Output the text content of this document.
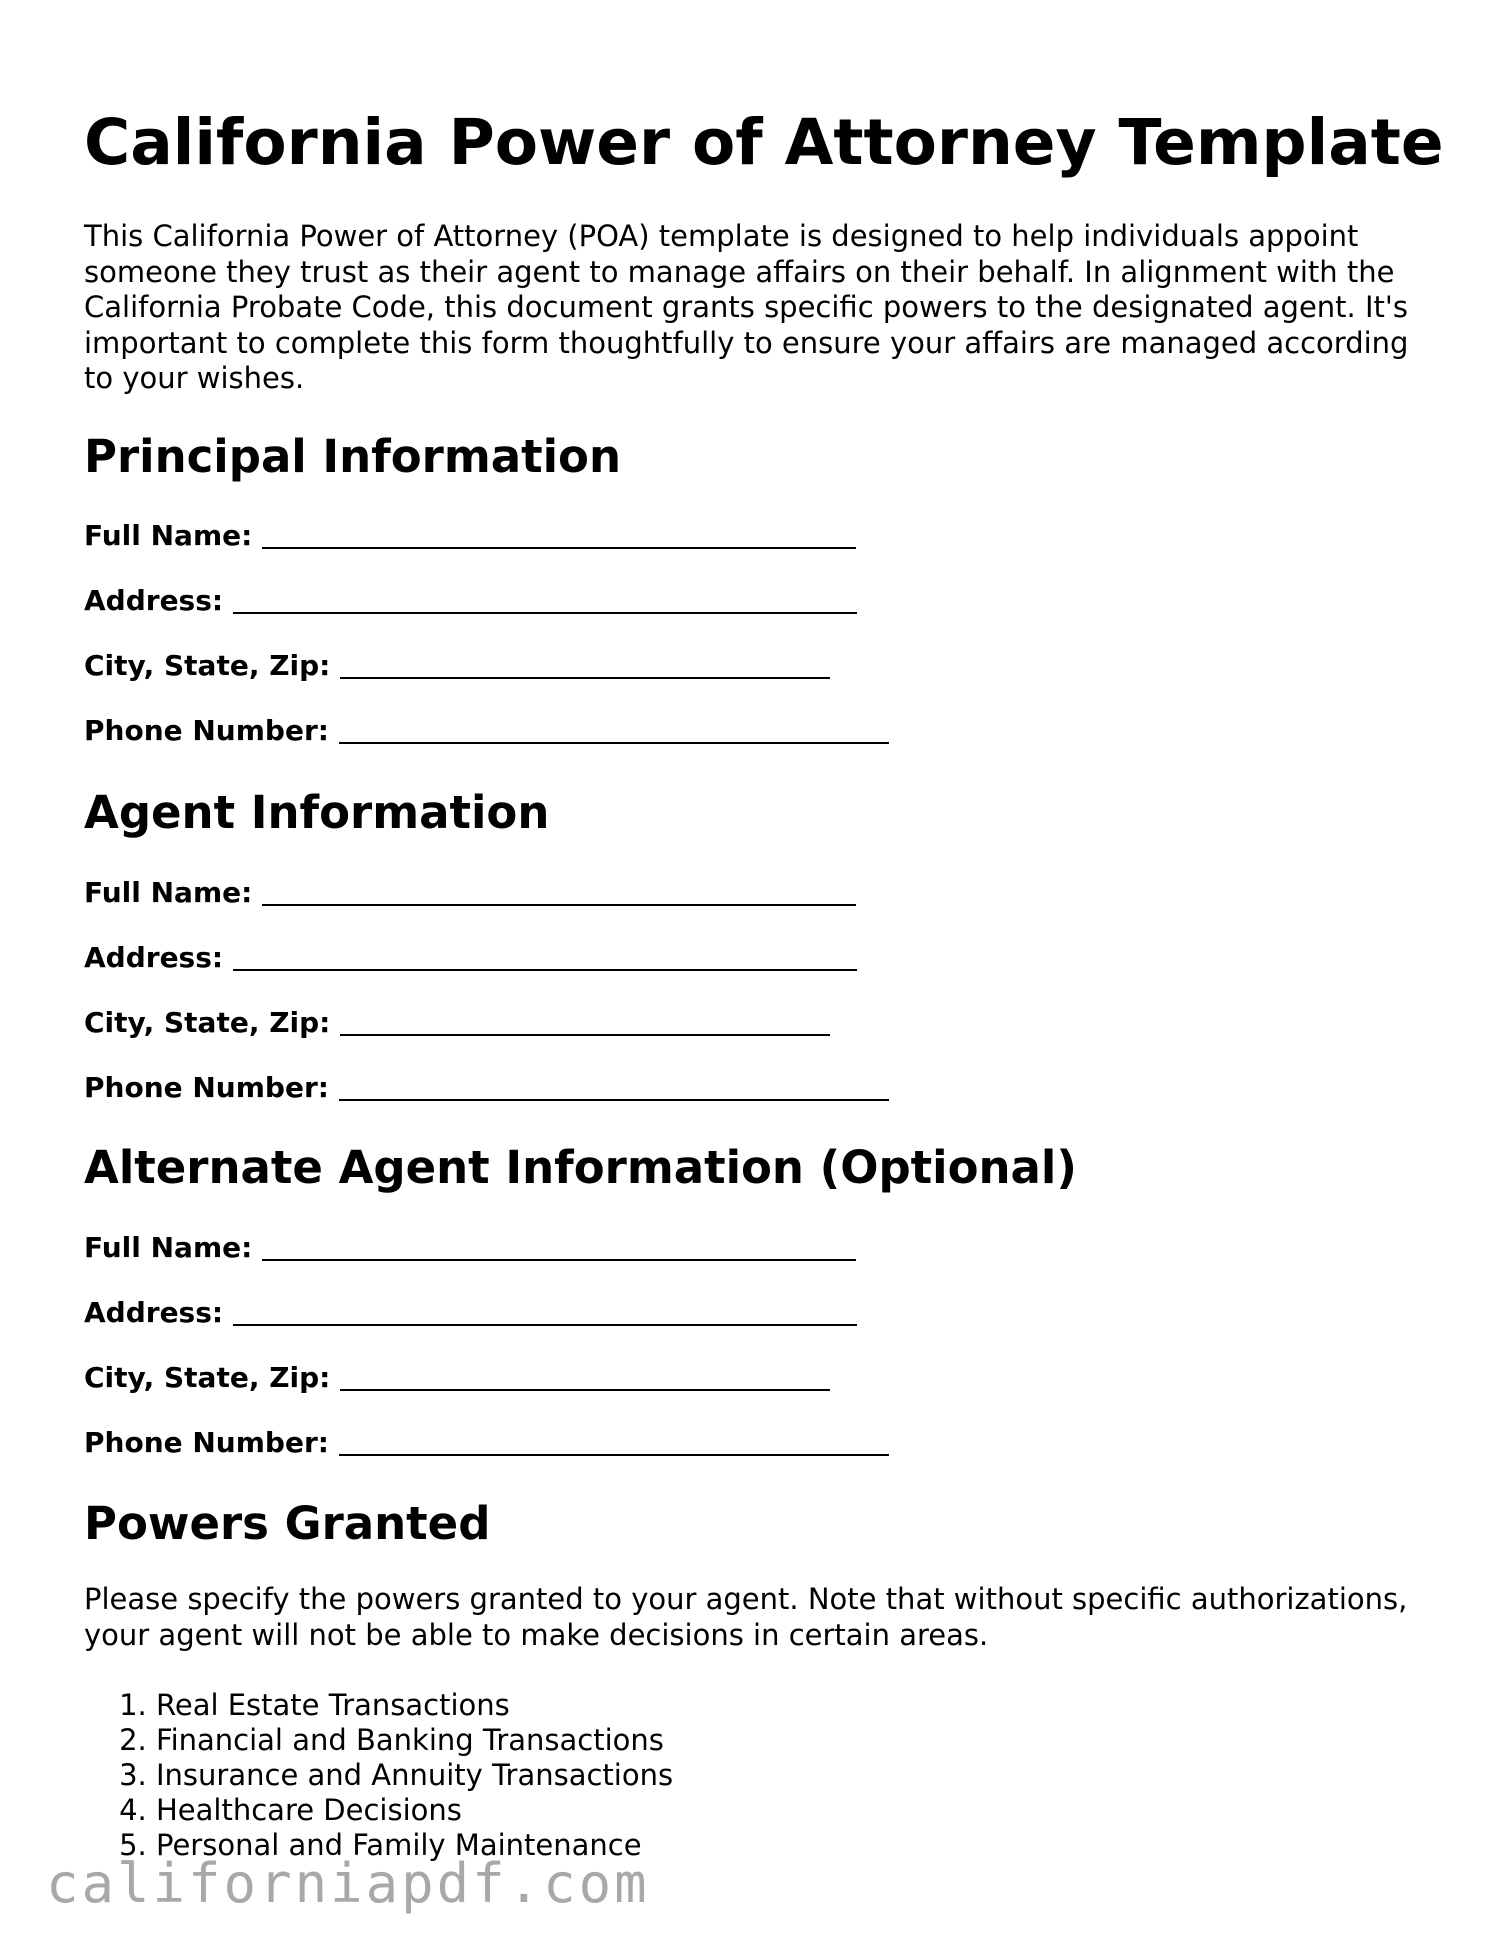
California Power of Attorney Template

This California Power of Attorney (POA) template is designed to help individuals appoint someone they trust as their agent to manage affairs on their behalf. In alignment with the California Probate Code, this document grants specific powers to the designated agent. It's important to complete this form thoughtfully to ensure your affairs are managed according to your wishes.

Principal Information
Full Name:
Address:
City, State, Zip:
Phone Number:
Agent Information
Full Name:
Address:
City, State, Zip:
Phone Number:
Alternate Agent Information (Optional)
Full Name:
Address:
City, State, Zip:
Phone Number:
Powers Granted

Please specify the powers granted to your agent. Note that without specific authorizations, your agent will not be able to make decisions in certain areas.

1. Real Estate Transactions
2. Financial and Banking Transactions
3. Insurance and Annuity Transactions
4. Healthcare Decisions
5. Personal and Family Maintenance
californiapdf.com
